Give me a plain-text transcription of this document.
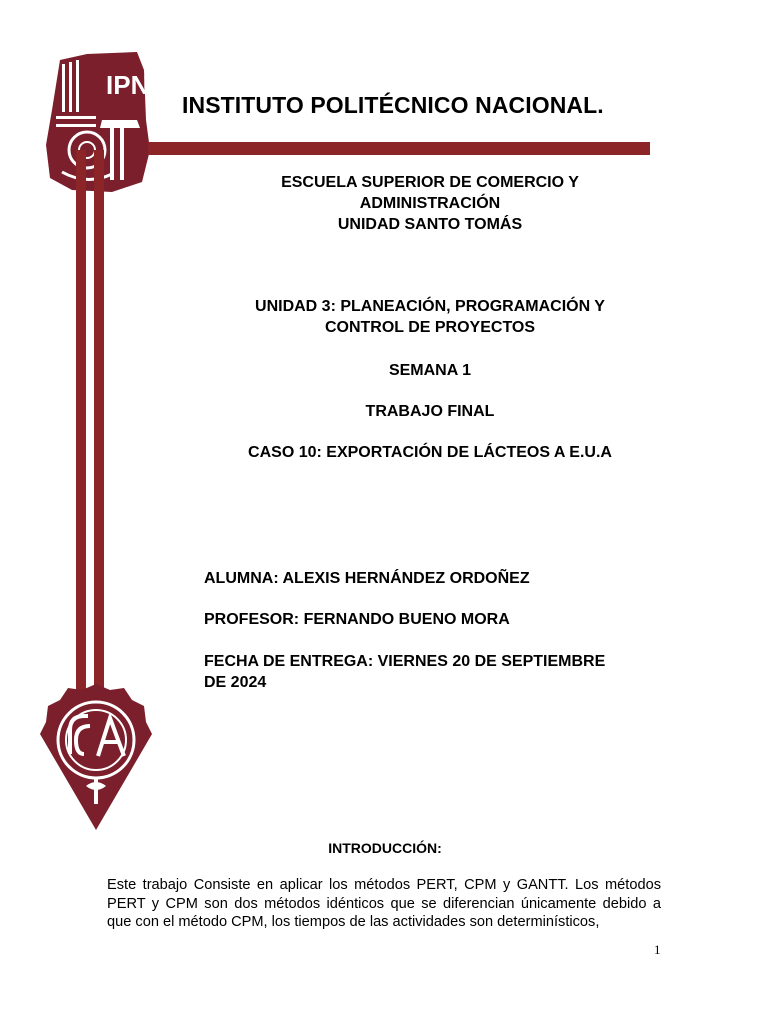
IPN
INSTITUTO POLITÉCNICO NACIONAL.
ESCUELA SUPERIOR DE COMERCIO Y
ADMINISTRACIÓN
UNIDAD SANTO TOMÁS
UNIDAD 3: PLANEACIÓN, PROGRAMACIÓN Y
CONTROL DE PROYECTOS
SEMANA 1
TRABAJO FINAL
CASO 10: EXPORTACIÓN DE LÁCTEOS A E.U.A
ALUMNA: ALEXIS HERNÁNDEZ ORDOÑEZ
PROFESOR: FERNANDO BUENO MORA
FECHA DE ENTREGA: VIERNES 20 DE SEPTIEMBRE
DE 2024
INTRODUCCIÓN:
Este trabajo Consiste en aplicar los métodos PERT, CPM y GANTT. Los métodos PERT y CPM son dos métodos idénticos que se diferencian únicamente debido a que con el método CPM, los tiempos de las actividades son determinísticos,
1
